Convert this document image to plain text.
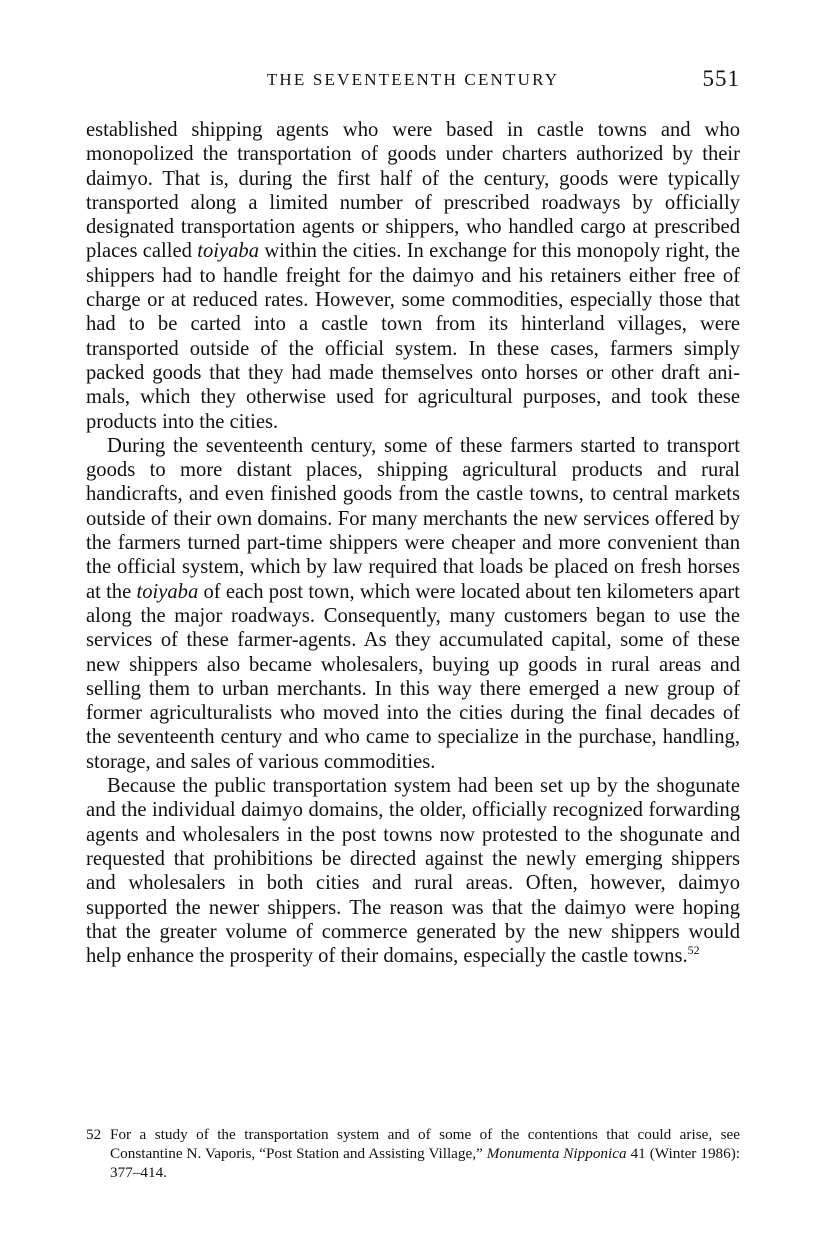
THE SEVENTEENTH CENTURY	551

established shipping agents who were based in castle towns and who monopolized the transportation of goods under charters authorized by their daimyo. That is, during the first half of the century, goods were typically transported along a limited number of prescribed roadways by officially designated transportation agents or shippers, who handled cargo at prescribed places called toiyaba within the cities. In exchange for this monopoly right, the shippers had to handle freight for the daimyo and his retainers either free of charge or at reduced rates. However, some commodities, especially those that had to be carted into a castle town from its hinterland villages, were transported outside of the official system. In these cases, farmers simply packed goods that they had made themselves onto horses or other draft animals, which they otherwise used for agricultural purposes, and took these products into the cities.

During the seventeenth century, some of these farmers started to transport goods to more distant places, shipping agricultural products and rural handicrafts, and even finished goods from the castle towns, to central markets outside of their own domains. For many merchants the new services offered by the farmers turned part-time shippers were cheaper and more convenient than the official system, which by law required that loads be placed on fresh horses at the toiyaba of each post town, which were located about ten kilometers apart along the major roadways. Consequently, many customers began to use the services of these farmer-agents. As they accumulated capital, some of these new shippers also became wholesalers, buying up goods in rural areas and selling them to urban merchants. In this way there emerged a new group of former agriculturalists who moved into the cities during the final decades of the seventeenth century and who came to specialize in the purchase, handling, storage, and sales of various commodities.

Because the public transportation system had been set up by the shogunate and the individual daimyo domains, the older, officially recognized forwarding agents and wholesalers in the post towns now protested to the shogunate and requested that prohibitions be directed against the newly emerging shippers and wholesalers in both cities and rural areas. Often, however, daimyo supported the newer shippers. The reason was that the daimyo were hoping that the greater volume of commerce generated by the new shippers would help enhance the prosperity of their domains, especially the castle towns.$^{52}$

52 For a study of the transportation system and of some of the contentions that could arise, see Constantine N. Vaporis, “Post Station and Assisting Village,” Monumenta Nipponica 41 (Winter 1986): 377–414.
